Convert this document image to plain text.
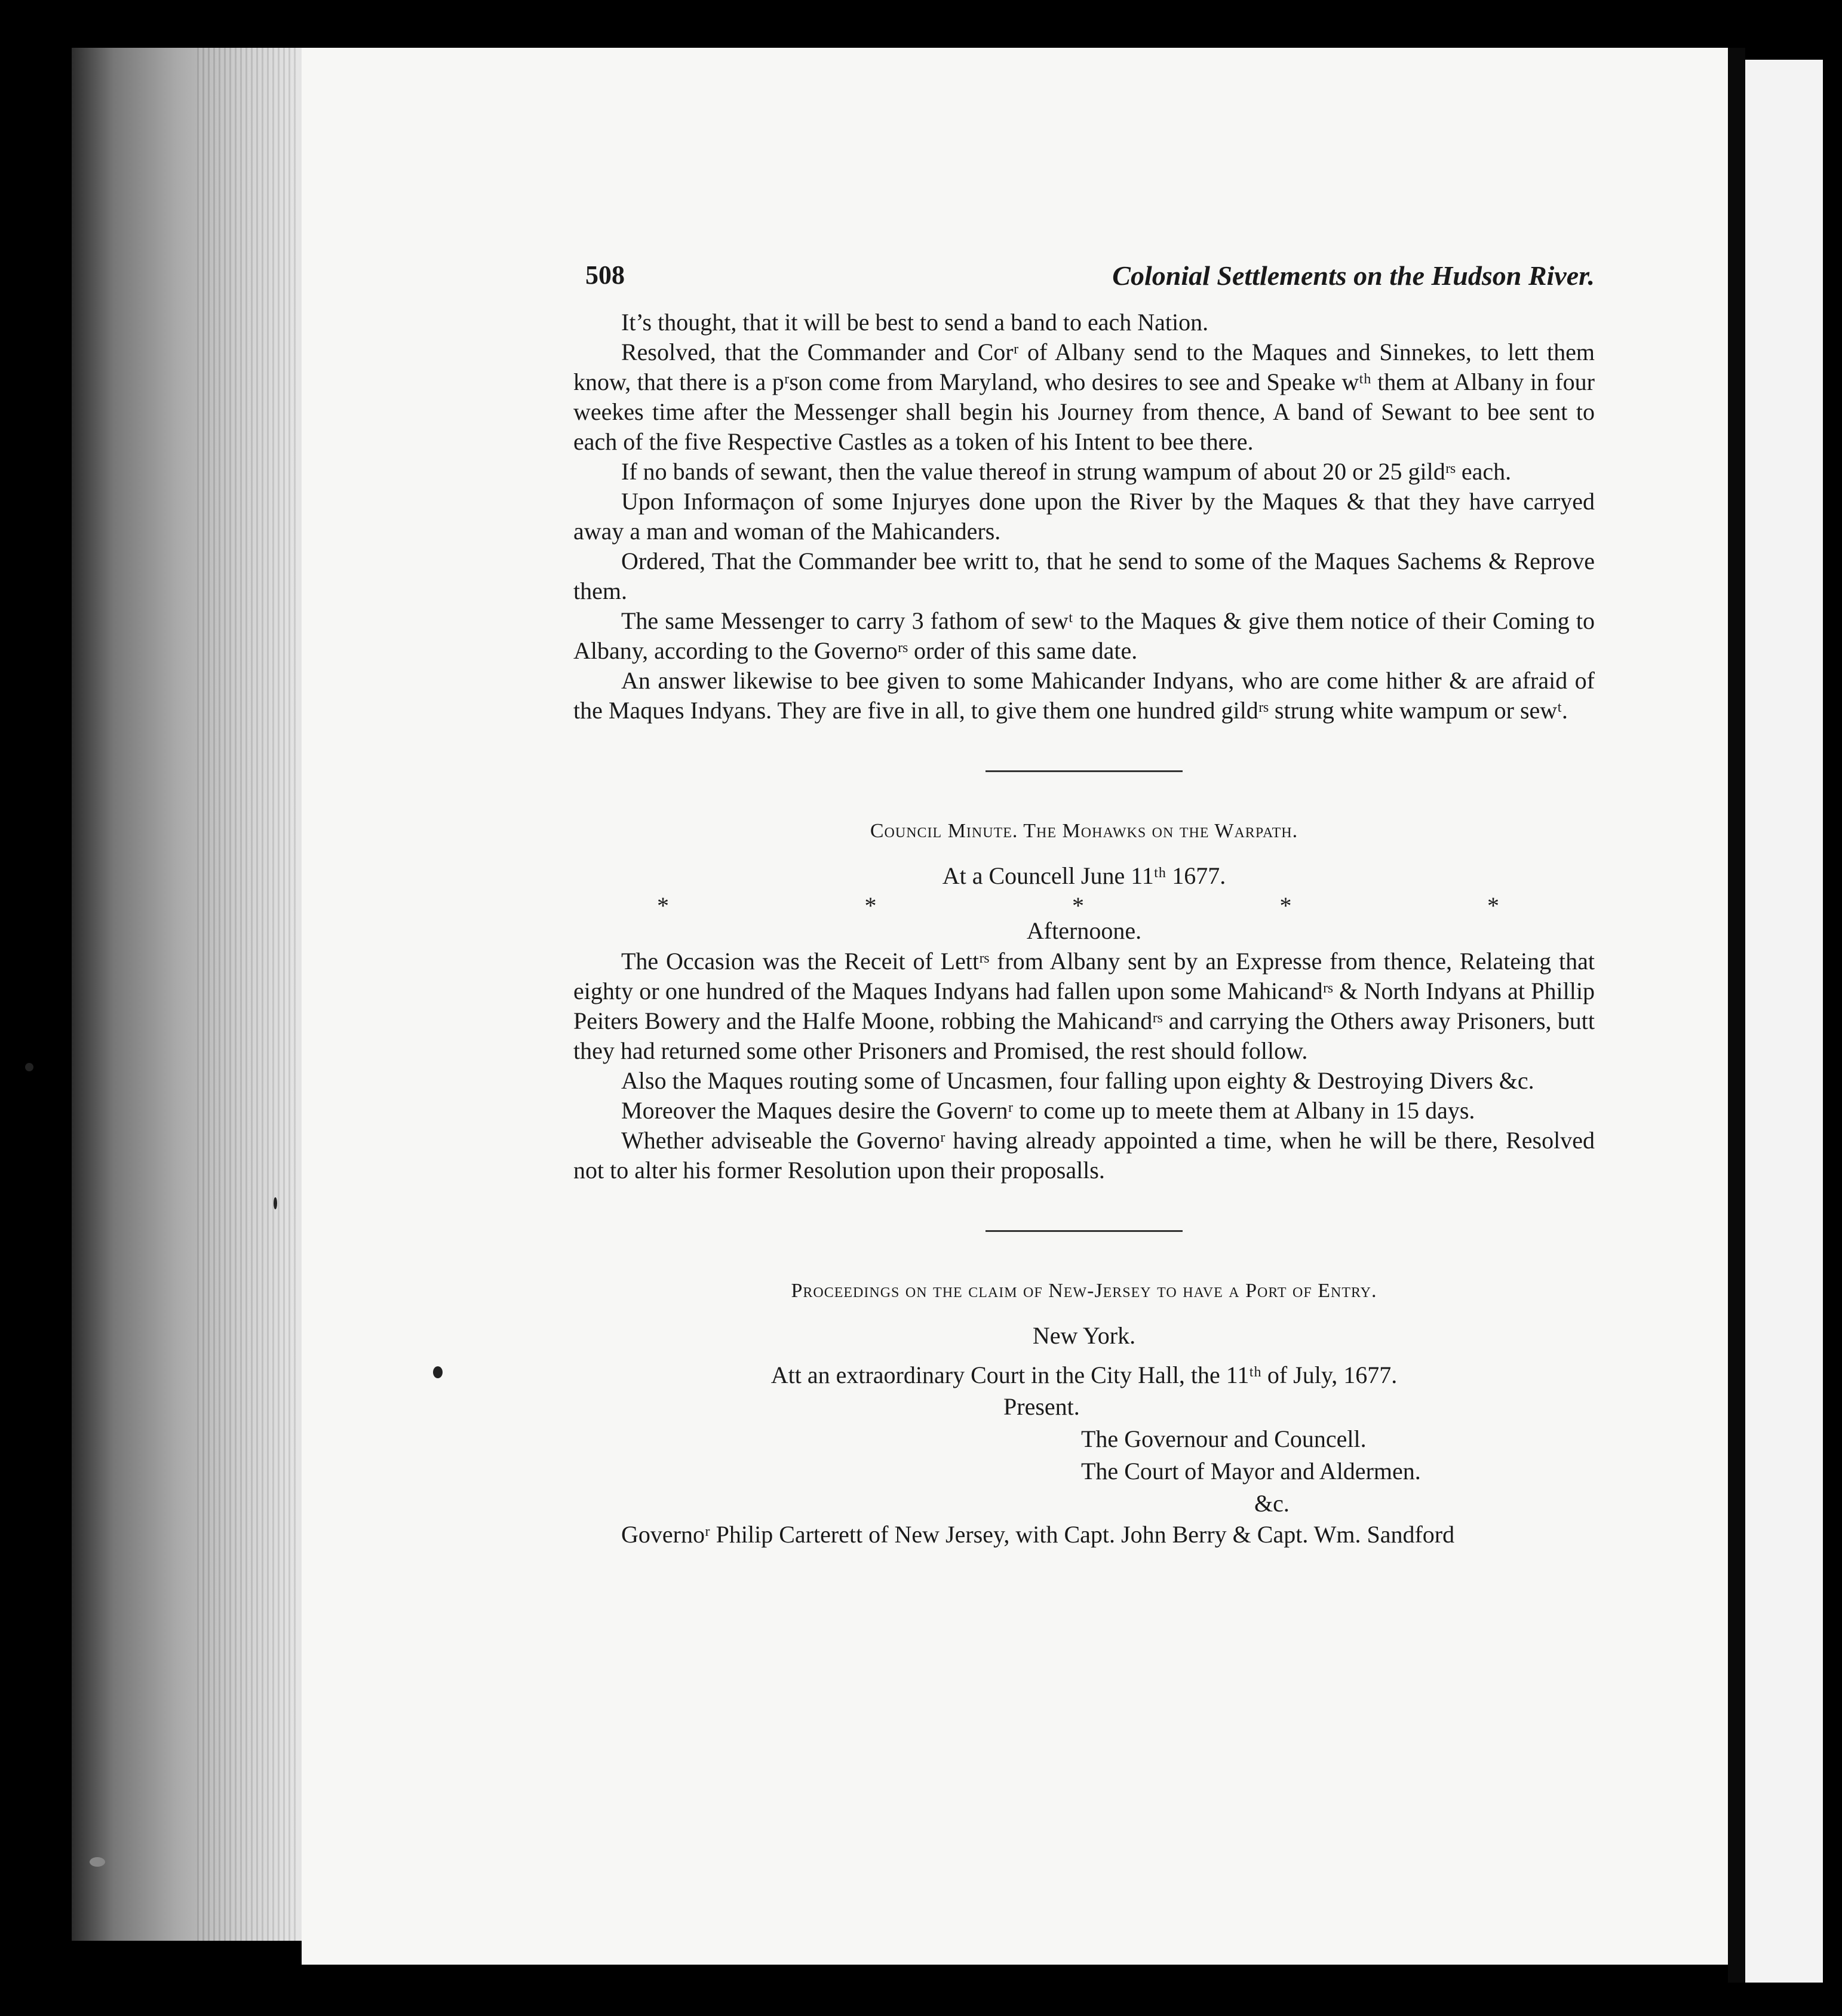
508	Colonial Settlements on the Hudson River.

It’s thought, that it will be best to send a band to each Nation.

Resolved, that the Commander and Corʳ of Albany send to the Maques and Sinnekes, to lett them know, that there is a pʳson come from Maryland, who desires to see and Speake wᵗʰ them at Albany in four weekes time after the Messenger shall begin his Journey from thence, A band of Sewant to bee sent to each of the five Respective Castles as a token of his Intent to bee there.

If no bands of sewant, then the value thereof in strung wampum of about 20 or 25 gildʳˢ each.

Upon Informaçon of some Injuryes done upon the River by the Maques & that they have carryed away a man and woman of the Mahicanders.

Ordered, That the Commander bee writt to, that he send to some of the Maques Sachems & Reprove them.

The same Messenger to carry 3 fathom of sewᵗ to the Maques & give them notice of their Coming to Albany, according to the Governoʳˢ order of this same date.

An answer likewise to bee given to some Mahicander Indyans, who are come hither & are afraid of the Maques Indyans. They are five in all, to give them one hundred gildʳˢ strung white wampum or sewᵗ.

Council Minute. The Mohawks on the Warpath.

At a Councell June 11ᵗʰ 1677.

*	*	*	*	*

Afternoone.

The Occasion was the Receit of Lettʳˢ from Albany sent by an Expresse from thence, Relateing that eighty or one hundred of the Maques Indyans had fallen upon some Mahicandʳˢ & North Indyans at Phillip Peiters Bowery and the Halfe Moone, robbing the Mahicandʳˢ and carrying the Others away Prisoners, butt they had returned some other Prisoners and Promised, the rest should follow.

Also the Maques routing some of Uncasmen, four falling upon eighty & Destroying Divers &c.

Moreover the Maques desire the Governʳ to come up to meete them at Albany in 15 days.

Whether adviseable the Governoʳ having already appointed a time, when he will be there, Resolved not to alter his former Resolution upon their proposalls.

Proceedings on the claim of New-Jersey to have a Port of Entry.

New York.

Att an extraordinary Court in the City Hall, the 11ᵗʰ of July, 1677.

Present.
The Governour and Councell.
The Court of Mayor and Aldermen.
&c.

Governoʳ Philip Carterett of New Jersey, with Capt. John Berry & Capt. Wm. Sandford
